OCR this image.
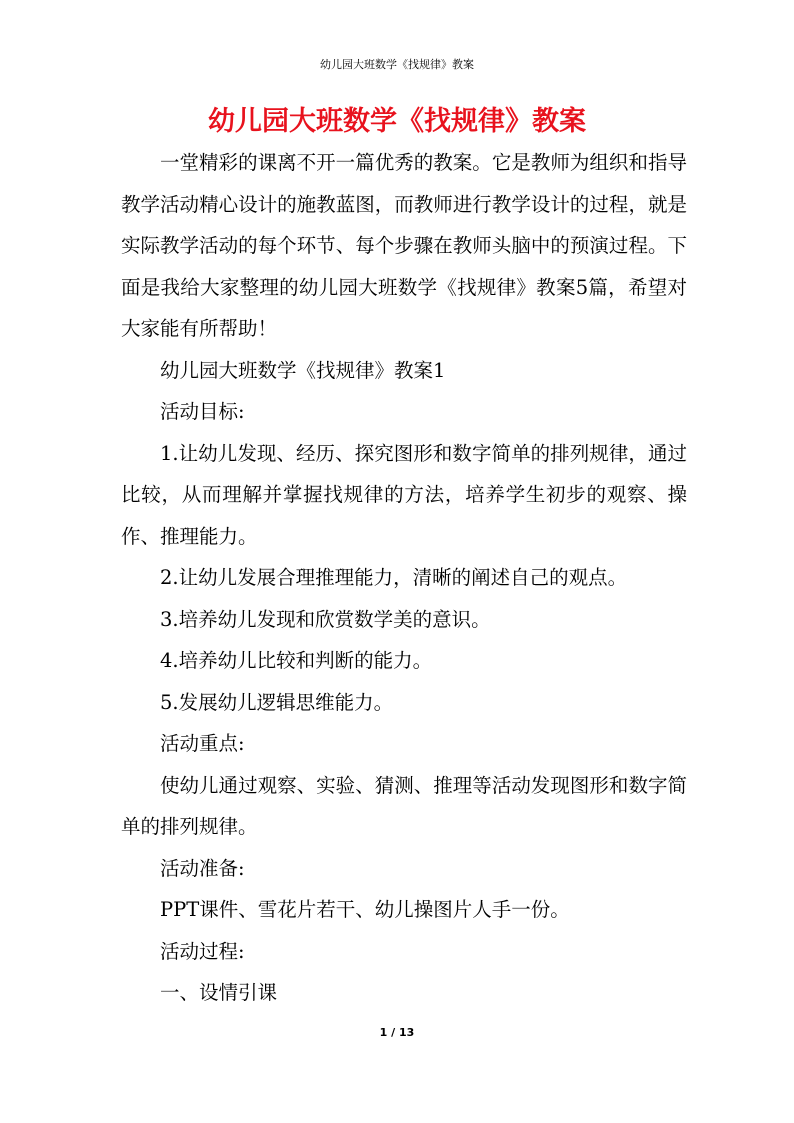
幼儿园大班数学《找规律》教案
幼儿园大班数学《找规律》教案

一堂精彩的课离不开一篇优秀的教案。它是教师为组织和指导教学活动精心设计的施教蓝图，而教师进行教学设计的过程，就是实际教学活动的每个环节、每个步骤在教师头脑中的预演过程。下面是我给大家整理的幼儿园大班数学《找规律》教案5篇，希望对大家能有所帮助！

幼儿园大班数学《找规律》教案1

活动目标:

1.让幼儿发现、经历、探究图形和数字简单的排列规律，通过比较，从而理解并掌握找规律的方法，培养学生初步的观察、操作、推理能力。

2.让幼儿发展合理推理能力，清晰的阐述自己的观点。

3.培养幼儿发现和欣赏数学美的意识。

4.培养幼儿比较和判断的能力。

5.发展幼儿逻辑思维能力。

活动重点:

使幼儿通过观察、实验、猜测、推理等活动发现图形和数字简单的排列规律。

活动准备:

PPT课件、雪花片若干、幼儿操图片人手一份。

活动过程:

一、设情引课

1 / 13
